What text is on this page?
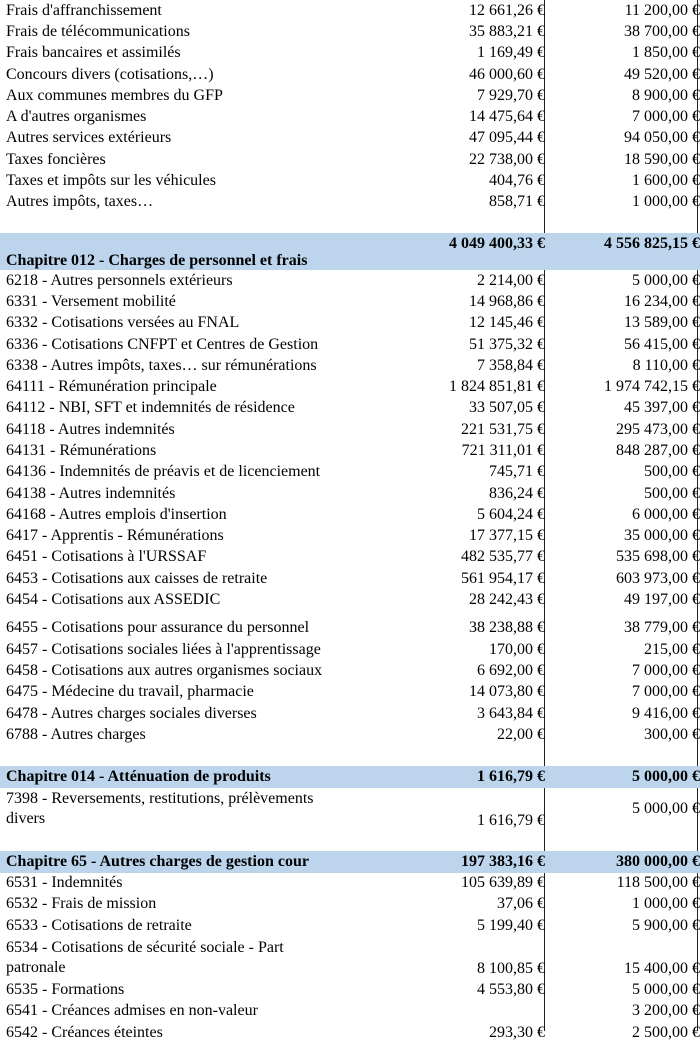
Frais d'affranchissement	12 661,26 €	11 200,00 €
Frais de télécommunications	35 883,21 €	38 700,00 €
Frais bancaires et assimilés	1 169,49 €	1 850,00 €
Concours divers (cotisations,…)	46 000,60 €	49 520,00 €
Aux communes membres du GFP	7 929,70 €	8 900,00 €
A d'autres organismes	14 475,64 €	7 000,00 €
Autres services extérieurs	47 095,44 €	94 050,00 €
Taxes foncières	22 738,00 €	18 590,00 €
Taxes et impôts sur les véhicules	404,76 €	1 600,00 €
Autres impôts, taxes…	858,71 €	1 000,00 €

Chapitre 012 - Charges de personnel et frais	4 049 400,33 €	4 556 825,15 €
6218 - Autres personnels extérieurs	2 214,00 €	5 000,00 €
6331 - Versement mobilité	14 968,86 €	16 234,00 €
6332 - Cotisations versées au FNAL	12 145,46 €	13 589,00 €
6336 - Cotisations CNFPT et Centres de Gestion	51 375,32 €	56 415,00 €
6338 - Autres impôts, taxes… sur rémunérations	7 358,84 €	8 110,00 €
64111 - Rémunération principale	1 824 851,81 €	1 974 742,15 €
64112 - NBI, SFT et indemnités de résidence	33 507,05 €	45 397,00 €
64118 - Autres indemnités	221 531,75 €	295 473,00 €
64131 - Rémunérations	721 311,01 €	848 287,00 €
64136 - Indemnités de préavis et de licenciement	745,71 €	500,00 €
64138 - Autres indemnités	836,24 €	500,00 €
64168 - Autres emplois d'insertion	5 604,24 €	6 000,00 €
6417 - Apprentis - Rémunérations	17 377,15 €	35 000,00 €
6451 - Cotisations à l'URSSAF	482 535,77 €	535 698,00 €
6453 - Cotisations aux caisses de retraite	561 954,17 €	603 973,00 €
6454 - Cotisations aux ASSEDIC	28 242,43 €	49 197,00 €

6455 - Cotisations pour assurance du personnel	38 238,88 €	38 779,00 €
6457 - Cotisations sociales liées à l'apprentissage	170,00 €	215,00 €
6458 - Cotisations aux autres organismes sociaux	6 692,00 €	7 000,00 €
6475 - Médecine du travail, pharmacie	14 073,80 €	7 000,00 €
6478 - Autres charges sociales diverses	3 643,84 €	9 416,00 €
6788 - Autres charges	22,00 €	300,00 €

Chapitre 014 - Atténuation de produits	1 616,79 €	5 000,00 €

7398 - Reversements, restitutions, prélèvements
divers	1 616,79 €	5 000,00 €

Chapitre 65 - Autres charges de gestion cour	197 383,16 €	380 000,00 €
6531 - Indemnités	105 639,89 €	118 500,00 €
6532 - Frais de mission	37,06 €	1 000,00 €
6533 - Cotisations de retraite	5 199,40 €	5 900,00 €

6534 - Cotisations de sécurité sociale - Part
patronale	8 100,85 €	15 400,00 €
6535 - Formations	4 553,80 €	5 000,00 €
6541 - Créances admises en non-valeur		3 200,00 €
6542 - Créances éteintes	293,30 €	2 500,00 €
